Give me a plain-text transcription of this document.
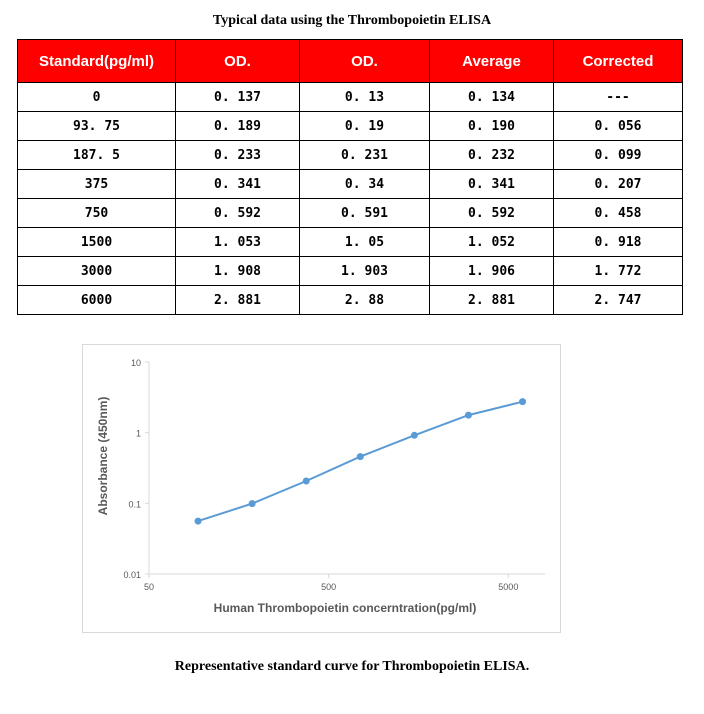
Typical data using the Thrombopoietin ELISA
Standard(pg/ml)	OD.	OD.	Average	Corrected
0	0. 137	0. 13	0. 134	---
93. 75	0. 189	0. 19	0. 190	0. 056
187. 5	0. 233	0. 231	0. 232	0. 099
375	0. 341	0. 34	0. 341	0. 207
750	0. 592	0. 591	0. 592	0. 458
1500	1. 053	1. 05	1. 052	0. 918
3000	1. 908	1. 903	1. 906	1. 772
6000	2. 881	2. 88	2. 881	2. 747
10
1
0.1
0.01
50	500	5000
Absorbance (450nm)
Human Thrombopoietin concerntration(pg/ml)
Representative standard curve for Thrombopoietin ELISA.
